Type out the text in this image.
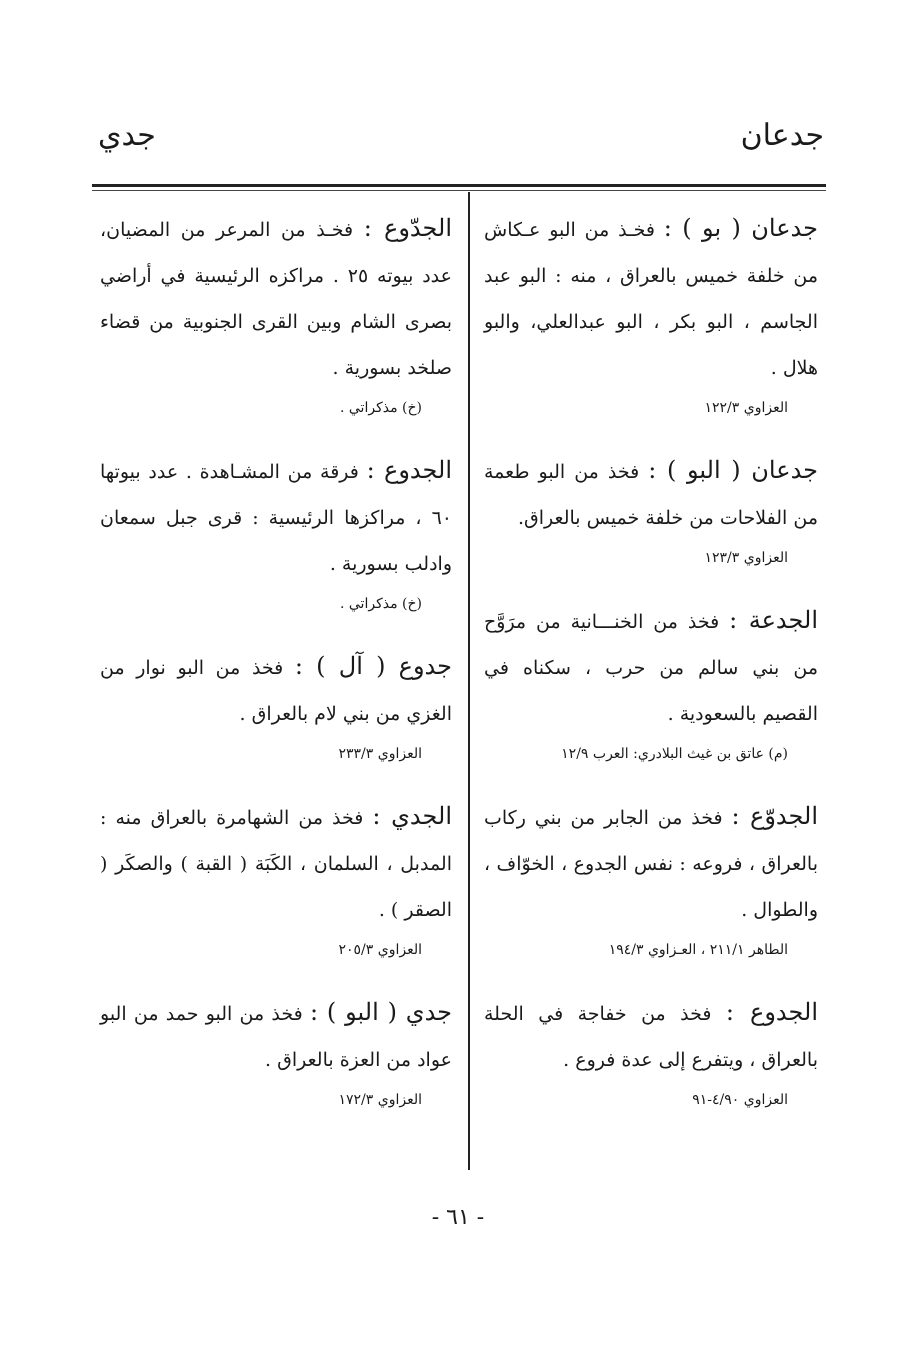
جدعان
جدي

جدعان ( بو ) : فخـذ من البو عـكاش من خلفة خميس بالعراق ، منه : البو عبد الجاسم ، البو بكر ، البو عبدالعلي، والبو هلال .

العزاوي ١٢٢/٣

جدعان ( البو ) : فخذ من البو طعمة من الفلاحات من خلفة خميس بالعراق.

العزاوي ١٢٣/٣

الجدعة : فخذ من الخنـــانية من مرَوَّح من بني سالم من حرب ، سكناه في القصيم بالسعودية .

(م) عاتق بن غيث البلادري: العرب ١٢/٩

الجدوّع : فخذ من الجابر من بني ركاب بالعراق ، فروعه : نفس الجدوع ، الخوّاف ، والطوال .

الطاهر ٢١١/١ ، العـزاوي ١٩٤/٣

الجدوع : فخذ من خفاجة في الحلة بالعراق ، ويتفرع إلى عدة فروع .

العزاوي ٤/٩٠-٩١

الجدّوع : فخـذ من المرعر من المضيان، عدد بيوته ٢٥ . مراكزه الرئيسية في أراضي بصرى الشام وبين القرى الجنوبية من قضاء صلخد بسورية .

(خ) مذكراتي .

الجدوع : فرقة من المشـاهدة . عدد بيوتها ٦٠ ، مراكزها الرئيسية : قرى جبل سمعان وادلب بسورية .

(خ) مذكراتي .

جدوع ( آل ) : فخذ من البو نوار من الغزي من بني لام بالعراق .

العزاوي ٢٣٣/٣

الجدي : فخذ من الشهامرة بالعراق منه : المدبل ، السلمان ، الكَبَة ( القبة ) والصكَر ( الصقر ) .

العزاوي ٢٠٥/٣

جدي ( البو ) : فخذ من البو حمد من البو عواد من العزة بالعراق .

العزاوي ١٧٢/٣
- ٦١ -
